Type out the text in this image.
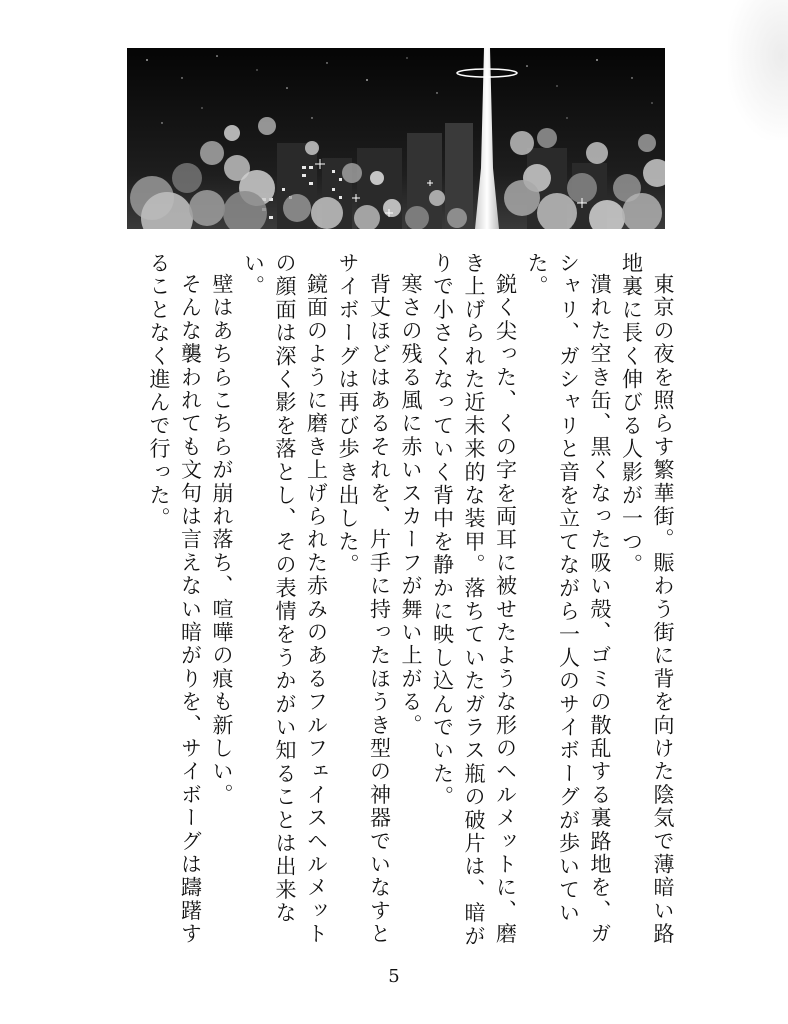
東京の夜を照らす繁華街。賑わう街に背を向けた陰気で薄暗い路地裏に長く伸びる人影が一つ。

潰れた空き缶、黒くなった吸い殻、ゴミの散乱する裏路地を、ガシャリ、ガシャリと音を立てながら一人のサイボーグが歩いていた。

鋭く尖った、くの字を両耳に被せたような形のヘルメットに、磨き上げられた近未来的な装甲。落ちていたガラス瓶の破片は、暗がりで小さくなっていく背中を静かに映し込んでいた。

寒さの残る風に赤いスカーフが舞い上がる。

背丈ほどはあるそれを、片手に持ったほうき型の神器でいなすとサイボーグは再び歩き出した。

鏡面のように磨き上げられた赤みのあるフルフェイスヘルメットの顔面は深く影を落とし、その表情をうかがい知ることは出来ない。

壁はあちらこちらが崩れ落ち、喧嘩の痕も新しい。

そんな襲われても文句は言えない暗がりを、サイボーグは躊躇することなく進んで行った。

5
